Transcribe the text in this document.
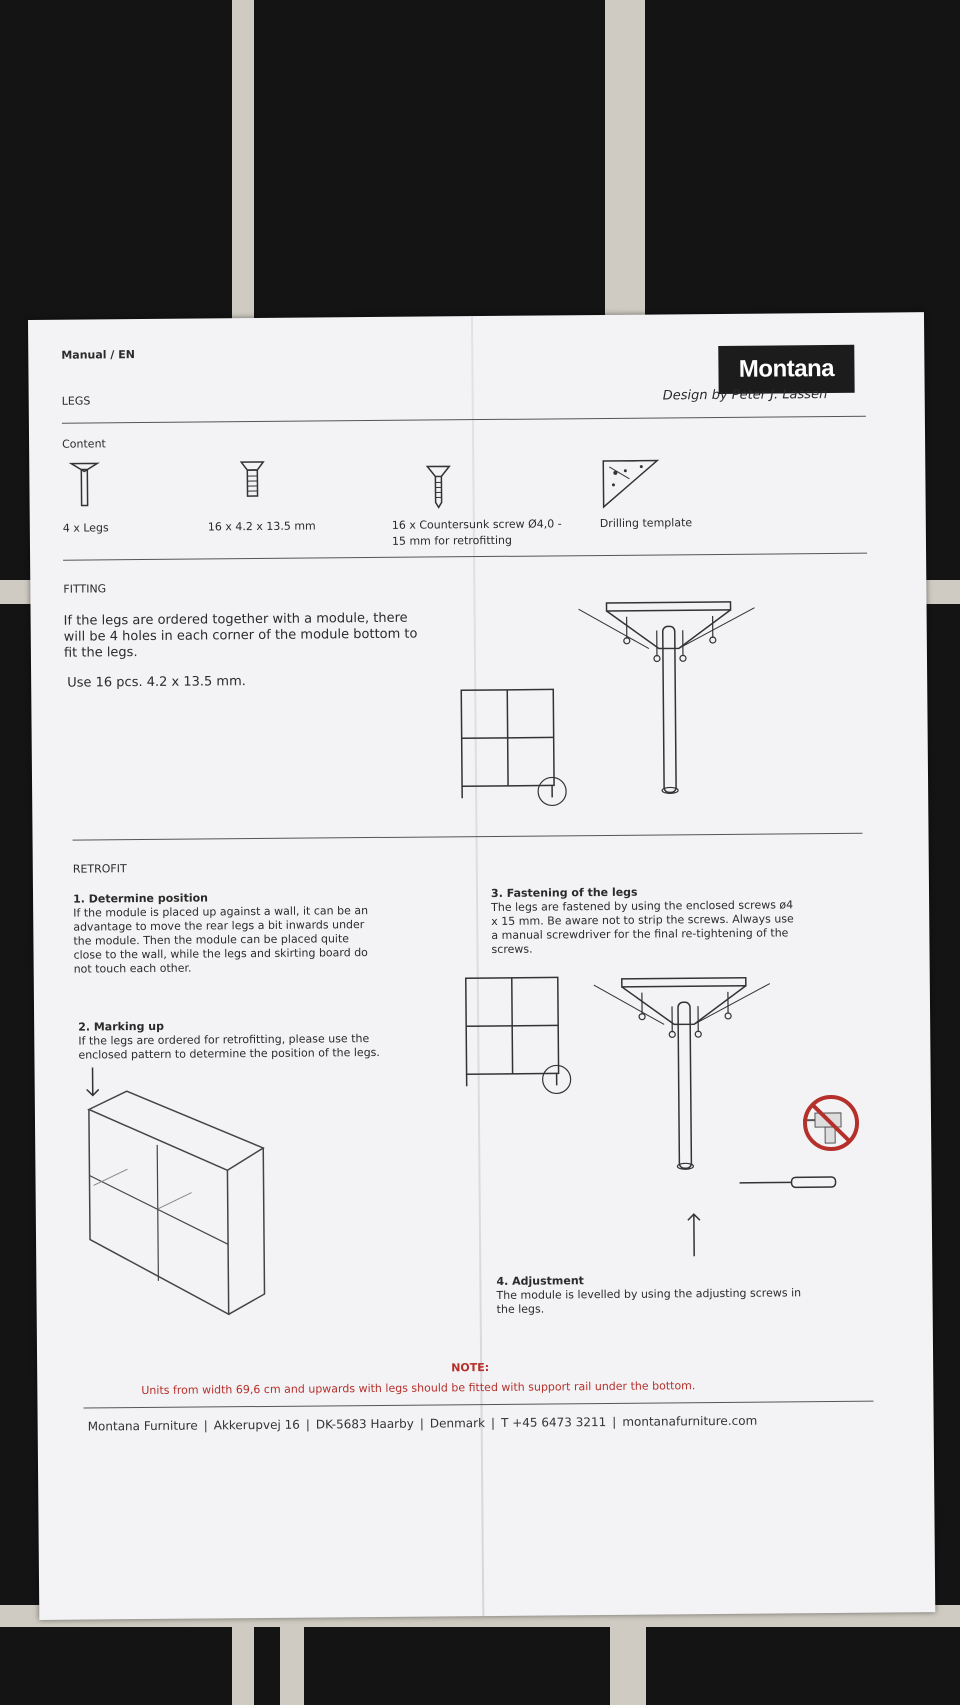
Manual / EN

Montana

LEGS	Design by Peter J. Lassen

Content

4 x Legs	16 x 4.2 x 13.5 mm	16 x Countersunk screw Ø4,0 -

15 mm for retrofitting

Drilling template

FITTING

If the legs are ordered together with a module, there

will be 4 holes in each corner of the module bottom to

fit the legs.

Use 16 pcs. 4.2 x 13.5 mm.

RETROFIT

1. Determine position

If the module is placed up against a wall, it can be an

advantage to move the rear legs a bit inwards under

the module. Then the module can be placed quite

close to the wall, while the legs and skirting board do

not touch each other.

2. Marking up

If the legs are ordered for retrofitting, please use the

enclosed pattern to determine the position of the legs.

3. Fastening of the legs

The legs are fastened by using the enclosed screws ø4

x 15 mm. Be aware not to strip the screws. Always use

a manual screwdriver for the final re-tightening of the

screws.

4. Adjustment

The module is levelled by using the adjusting screws in

the legs.

NOTE:

Units from width 69,6 cm and upwards with legs should be fitted with support rail under the bottom.

Montana Furniture | Akkerupvej 16 | DK-5683 Haarby | Denmark | T +45 6473 3211 | montanafurniture.com
